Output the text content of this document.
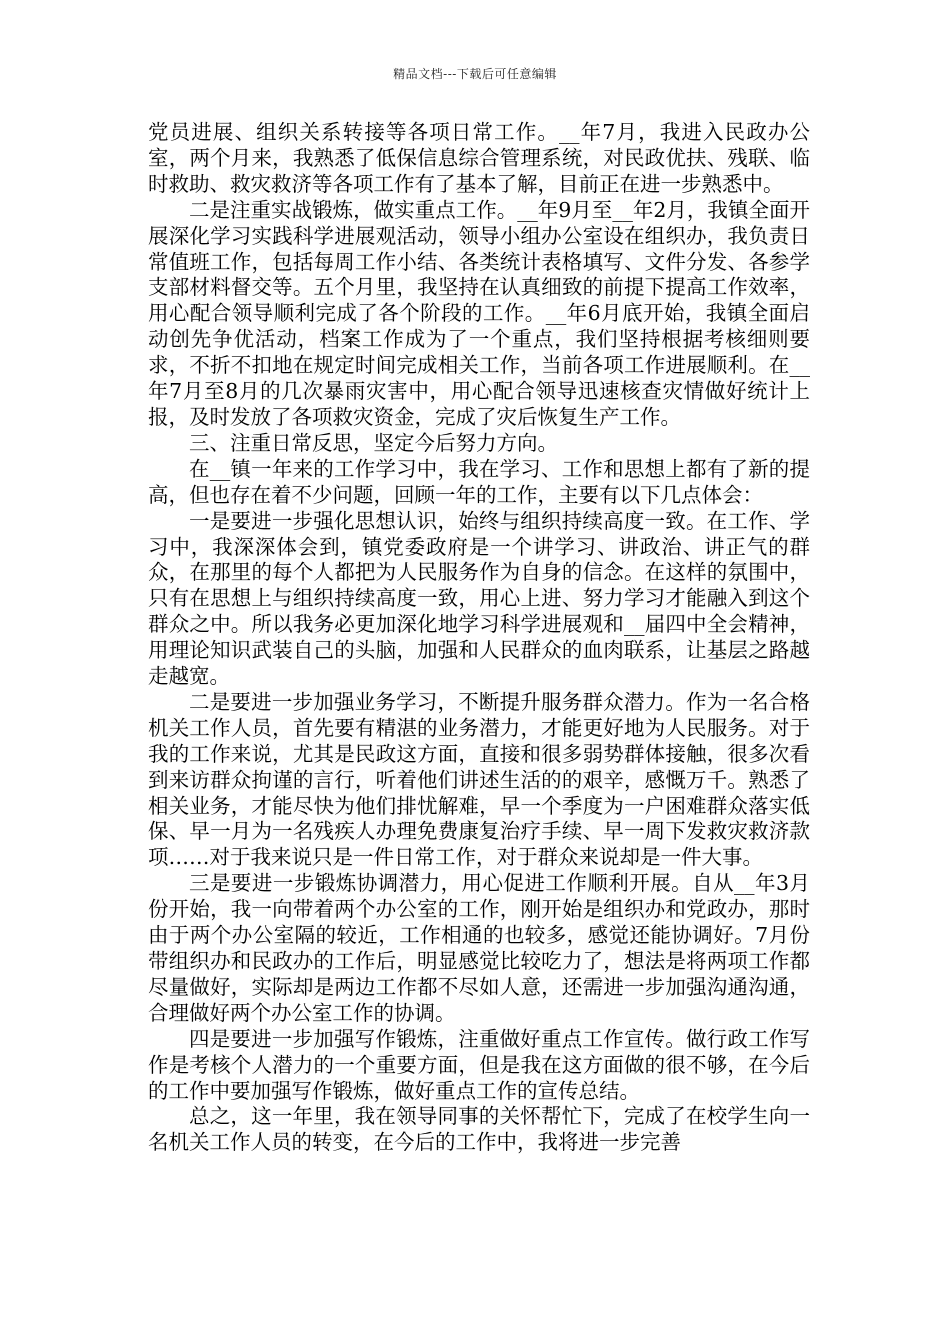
精品文档---下载后可任意编辑

党员进展、组织关系转接等各项日常工作。__年7月，我进入民政办公室，两个月来，我熟悉了低保信息综合管理系统，对民政优扶、残联、临时救助、救灾救济等各项工作有了基本了解，目前正在进一步熟悉中。

二是注重实战锻炼，做实重点工作。__年9月至__年2月，我镇全面开展深化学习实践科学进展观活动，领导小组办公室设在组织办，我负责日常值班工作，包括每周工作小结、各类统计表格填写、文件分发、各参学支部材料督交等。五个月里，我坚持在认真细致的前提下提高工作效率，用心配合领导顺利完成了各个阶段的工作。__年6月底开始，我镇全面启动创先争优活动，档案工作成为了一个重点，我们坚持根据考核细则要求，不折不扣地在规定时间完成相关工作，当前各项工作进展顺利。在__年7月至8月的几次暴雨灾害中，用心配合领导迅速核查灾情做好统计上报，及时发放了各项救灾资金，完成了灾后恢复生产工作。

三、注重日常反思，坚定今后努力方向。

在__镇一年来的工作学习中，我在学习、工作和思想上都有了新的提高，但也存在着不少问题，回顾一年的工作，主要有以下几点体会：

一是要进一步强化思想认识，始终与组织持续高度一致。在工作、学习中，我深深体会到，镇党委政府是一个讲学习、讲政治、讲正气的群众，在那里的每个人都把为人民服务作为自身的信念。在这样的氛围中，只有在思想上与组织持续高度一致，用心上进、努力学习才能融入到这个群众之中。所以我务必更加深化地学习科学进展观和__届四中全会精神，用理论知识武装自己的头脑，加强和人民群众的血肉联系，让基层之路越走越宽。

二是要进一步加强业务学习，不断提升服务群众潜力。作为一名合格机关工作人员，首先要有精湛的业务潜力，才能更好地为人民服务。对于我的工作来说，尤其是民政这方面，直接和很多弱势群体接触，很多次看到来访群众拘谨的言行，听着他们讲述生活的的艰辛，感慨万千。熟悉了相关业务，才能尽快为他们排忧解难，早一个季度为一户困难群众落实低保、早一月为一名残疾人办理免费康复治疗手续、早一周下发救灾救济款项……对于我来说只是一件日常工作，对于群众来说却是一件大事。

三是要进一步锻炼协调潜力，用心促进工作顺利开展。自从__年3月份开始，我一向带着两个办公室的工作，刚开始是组织办和党政办，那时由于两个办公室隔的较近，工作相通的也较多，感觉还能协调好。7月份带组织办和民政办的工作后，明显感觉比较吃力了，想法是将两项工作都尽量做好，实际却是两边工作都不尽如人意，还需进一步加强沟通沟通，合理做好两个办公室工作的协调。

四是要进一步加强写作锻炼，注重做好重点工作宣传。做行政工作写作是考核个人潜力的一个重要方面，但是我在这方面做的很不够，在今后的工作中要加强写作锻炼，做好重点工作的宣传总结。

总之，这一年里，我在领导同事的关怀帮忙下，完成了在校学生向一名机关工作人员的转变，在今后的工作中，我将进一步完善
